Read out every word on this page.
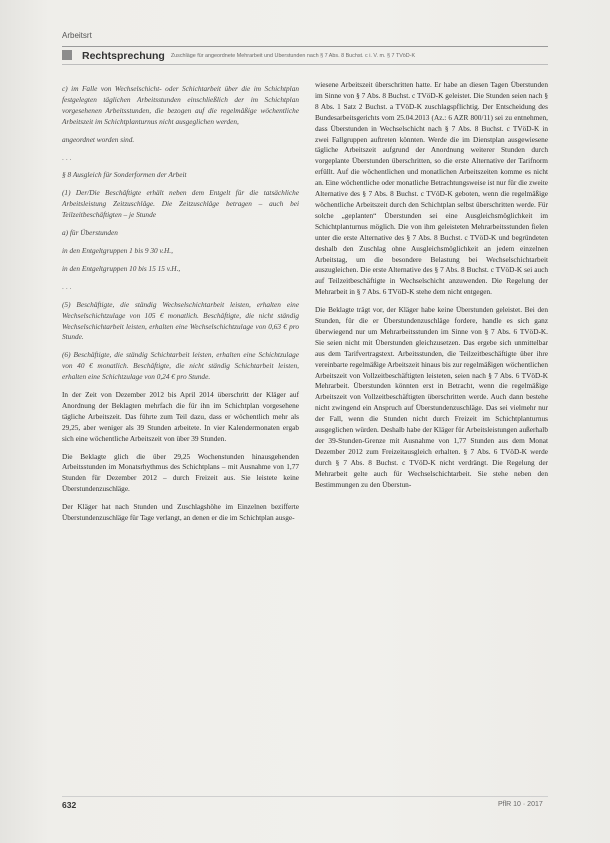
Arbeitsrt
Rechtsprechung Zuschläge für angeordnete Mehrarbeit und Überstunden nach § 7 Abs. 8 Buchst. c i. V. m. § 7 TVöD-K

c) im Falle von Wechselschicht- oder Schichtarbeit über die im Schichtplan festgelegten täglichen Arbeitsstunden einschließlich der im Schichtplan vorgesehenen Arbeitsstunden, die bezogen auf die regelmäßige wöchentliche Arbeitszeit im Schichtplanturnus nicht ausgeglichen werden,

angeordnet worden sind.

...

§ 8 Ausgleich für Sonderformen der Arbeit

(1) Der/Die Beschäftigte erhält neben dem Entgelt für die tatsächliche Arbeitsleistung Zeitzuschläge. Die Zeitzuschläge betragen – auch bei Teilzeitbeschäftigten – je Stunde

a) für Überstunden

in den Entgeltgruppen 1 bis 9 30 v.H.,

in den Entgeltgruppen 10 bis 15 15 v.H.,

...

(5) Beschäftigte, die ständig Wechselschichtarbeit leisten, erhalten eine Wechselschichtzulage von 105 € monatlich. Beschäftigte, die nicht ständig Wechselschichtarbeit leisten, erhalten eine Wechselschichtzulage von 0,63 € pro Stunde.

(6) Beschäftigte, die ständig Schichtarbeit leisten, erhalten eine Schichtzulage von 40 € monatlich. Beschäftigte, die nicht ständig Schichtarbeit leisten, erhalten eine Schichtzulage von 0,24 € pro Stunde.

In der Zeit von Dezember 2012 bis April 2014 überschritt der Kläger auf Anordnung der Beklagten mehrfach die für ihn im Schichtplan vorgesehene tägliche Arbeitszeit. Das führte zum Teil dazu, dass er wöchentlich mehr als 29,25, aber weniger als 39 Stunden arbeitete. In vier Kalendermonaten ergab sich eine wöchentliche Arbeitszeit von über 39 Stunden.

Die Beklagte glich die über 29,25 Wochenstunden hinausgehenden Arbeitsstunden im Monatsrhythmus des Schichtplans – mit Ausnahme von 1,77 Stunden für Dezember 2012 – durch Freizeit aus. Sie leistete keine Überstundenzuschläge.

Der Kläger hat nach Stunden und Zuschlagshöhe im Einzelnen bezifferte Überstundenzuschläge für Tage verlangt, an denen er die im Schichtplan ausge-

wiesene Arbeitszeit überschritten hatte. Er habe an diesen Tagen Überstunden im Sinne von § 7 Abs. 8 Buchst. c TVöD-K geleistet. Die Stunden seien nach § 8 Abs. 1 Satz 2 Buchst. a TVöD-K zuschlagspflichtig. Der Entscheidung des Bundesarbeitsgerichts vom 25.04.2013 (Az.: 6 AZR 800/11) sei zu entnehmen, dass Überstunden in Wechselschicht nach § 7 Abs. 8 Buchst. c TVöD-K in zwei Fallgruppen auftreten könnten. Werde die im Dienstplan ausgewiesene tägliche Arbeitszeit aufgrund der Anordnung weiterer Stunden durch vorgeplante Überstunden überschritten, so die erste Alternative der Tarifnorm erfüllt. Auf die wöchentlichen und monatlichen Arbeitszeiten komme es nicht an. Eine wöchentliche oder monatliche Betrachtungsweise ist nur für die zweite Alternative des § 7 Abs. 8 Buchst. c TVöD-K geboten, wenn die regelmäßige wöchentliche Arbeitszeit durch den Schichtplan selbst überschritten werde. Für solche „geplanten“ Überstunden sei eine Ausgleichsmöglichkeit im Schichtplanturnus möglich. Die von ihm geleisteten Mehrarbeitsstunden fielen unter die erste Alternative des § 7 Abs. 8 Buchst. c TVöD-K und begründeten deshalb den Zuschlag ohne Ausgleichsmöglichkeit an jedem einzelnen Arbeitstag, um die besondere Belastung bei Wechselschichtarbeit auszugleichen. Die erste Alternative des § 7 Abs. 8 Buchst. c TVöD-K sei auch auf Teilzeitbeschäftigte in Wechselschicht anzuwenden. Die Regelung der Mehrarbeit in § 7 Abs. 6 TVöD-K stehe dem nicht entgegen.

Die Beklagte trägt vor, der Kläger habe keine Überstunden geleistet. Bei den Stunden, für die er Überstundenzuschläge fordere, handle es sich ganz überwiegend nur um Mehrarbeitsstunden im Sinne von § 7 Abs. 6 TVöD-K. Sie seien nicht mit Überstunden gleichzusetzen. Das ergebe sich unmittelbar aus dem Tarifvertragstext. Arbeitsstunden, die Teilzeitbeschäftigte über ihre vereinbarte regelmäßige Arbeitszeit hinaus bis zur regelmäßigen wöchentlichen Arbeitszeit von Vollzeitbeschäftigten leisteten, seien nach § 7 Abs. 6 TVöD-K Mehrarbeit. Überstunden könnten erst in Betracht, wenn die regelmäßige Arbeitszeit von Vollzeitbeschäftigten überschritten werde. Auch dann bestehe nicht zwingend ein Anspruch auf Überstundenzuschläge. Das sei vielmehr nur der Fall, wenn die Stunden nicht durch Freizeit im Schichtplanturnus ausgeglichen würden. Deshalb habe der Kläger für Arbeitsleistungen außerhalb der 39-Stunden-Grenze mit Ausnahme von 1,77 Stunden aus dem Monat Dezember 2012 zum Freizeitausgleich erhalten. § 7 Abs. 6 TVöD-K werde durch § 7 Abs. 8 Buchst. c TVöD-K nicht verdrängt. Die Regelung der Mehrarbeit gelte auch für Wechselschichtarbeit. Sie stehe neben den Bestimmungen zu den Überstun-

632	PflR 10 · 2017
